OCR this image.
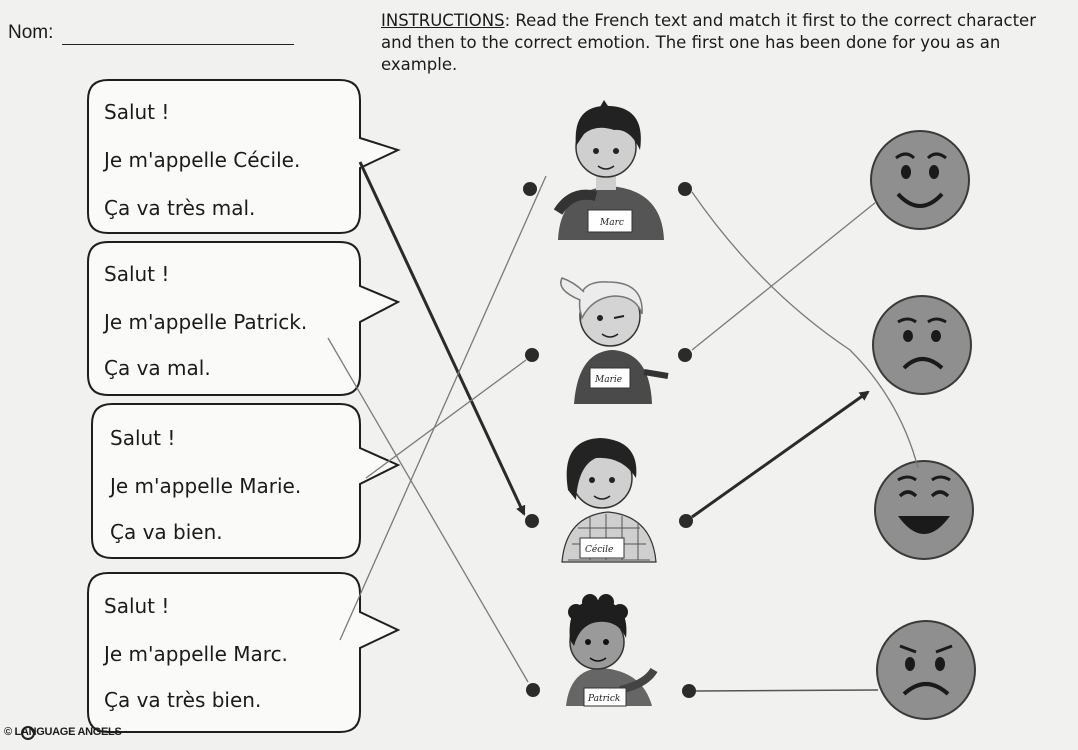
Nom:
INSTRUCTIONS: Read the French text and match it first to the correct character and then to the correct emotion. The first one has been done for you as an example.
Marc
Marie
Cécile
Patrick
Salut !
Je m'appelle Cécile.
Ça va très mal.
Salut !
Je m'appelle Patrick.
Ça va mal.
Salut !
Je m'appelle Marie.
Ça va bien.
Salut !
Je m'appelle Marc.
Ça va très bien.
© LANGUAGE ANGELS
